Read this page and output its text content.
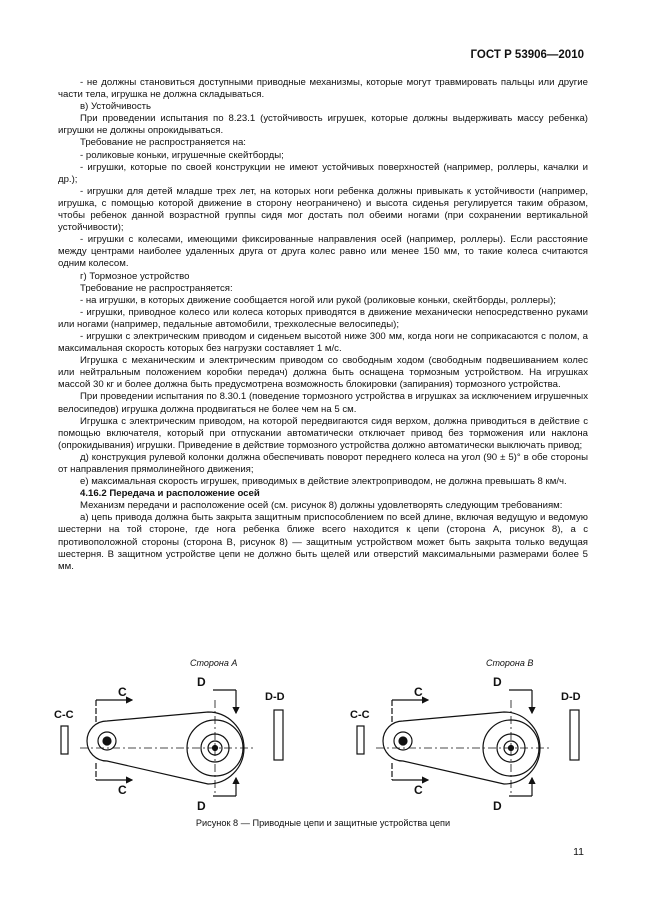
ГОСТ Р 53906—2010

- не должны становиться доступными приводные механизмы, которые могут травмировать пальцы или другие части тела, игрушка не должна складываться.

в) Устойчивость

При проведении испытания по 8.23.1 (устойчивость игрушек, которые должны выдерживать массу ребенка) игрушки не должны опрокидываться.

Требование не распространяется на:

- роликовые коньки, игрушечные скейтборды;

- игрушки, которые по своей конструкции не имеют устойчивых поверхностей (например, роллеры, качалки и др.);

- игрушки для детей младше трех лет, на которых ноги ребенка должны привыкать к устойчивости (например, игрушка, с помощью которой движение в сторону неограничено) и высота сиденья регулируется таким образом, чтобы ребенок данной возрастной группы сидя мог достать пол обеими ногами (при сохранении вертикальной устойчивости);

- игрушки с колесами, имеющими фиксированные направления осей (например, роллеры). Если расстояние между центрами наиболее удаленных друга от друга колес равно или менее 150 мм, то такие колеса считаются одним колесом.

г) Тормозное устройство

Требование не распространяется:

- на игрушки, в которых движение сообщается ногой или рукой (роликовые коньки, скейтборды, роллеры);

- игрушки, приводное колесо или колеса которых приводятся в движение механически непосредственно руками или ногами (например, педальные автомобили, трехколесные велосипеды);

- игрушки с электрическим приводом и сиденьем высотой ниже 300 мм, когда ноги не соприкасаются с полом, а максимальная скорость которых без нагрузки составляет 1 м/с.

Игрушка с механическим и электрическим приводом со свободным ходом (свободным подвешиванием колес или нейтральным положением коробки передач) должна быть оснащена тормозным устройством. На игрушках массой 30 кг и более должна быть предусмотрена возможность блокировки (запирания) тормозного устройства.

При проведении испытания по 8.30.1 (поведение тормозного устройства в игрушках за исключением игрушечных велосипедов) игрушка должна продвигаться не более чем на 5 см.

Игрушка с электрическим приводом, на которой передвигаются сидя верхом, должна приводиться в действие с помощью включателя, который при отпускании автоматически отключает привод без торможения или наклона (опрокидывания) игрушки. Приведение в действие тормозного устройства должно автоматически выключать привод;

д) конструкция рулевой колонки должна обеспечивать поворот переднего колеса на угол (90 ± 5)° в обе стороны от направления прямолинейного движения;

е) максимальная скорость игрушек, приводимых в действие электроприводом, не должна превышать 8 км/ч.

4.16.2 Передача и расположение осей

Механизм передачи и расположение осей (см. рисунок 8) должны удовлетворять следующим требованиям:

а) цепь привода должна быть закрыта защитным приспособлением по всей длине, включая ведущую и ведомую шестерни на той стороне, где нога ребенка ближе всего находится к цепи (сторона А, рисунок 8), а с противоположной стороны (сторона В, рисунок 8) — защитным устройством может быть закрыта только ведущая шестерня. В защитном устройстве цепи не должно быть щелей или отверстий максимальными размерами более 5 мм.

Сторона A
C-C
C
C
D
D
D-D
Сторона B
C-C
C
C
D
D
D-D
Рисунок 8 — Приводные цепи и защитные устройства цепи
11
